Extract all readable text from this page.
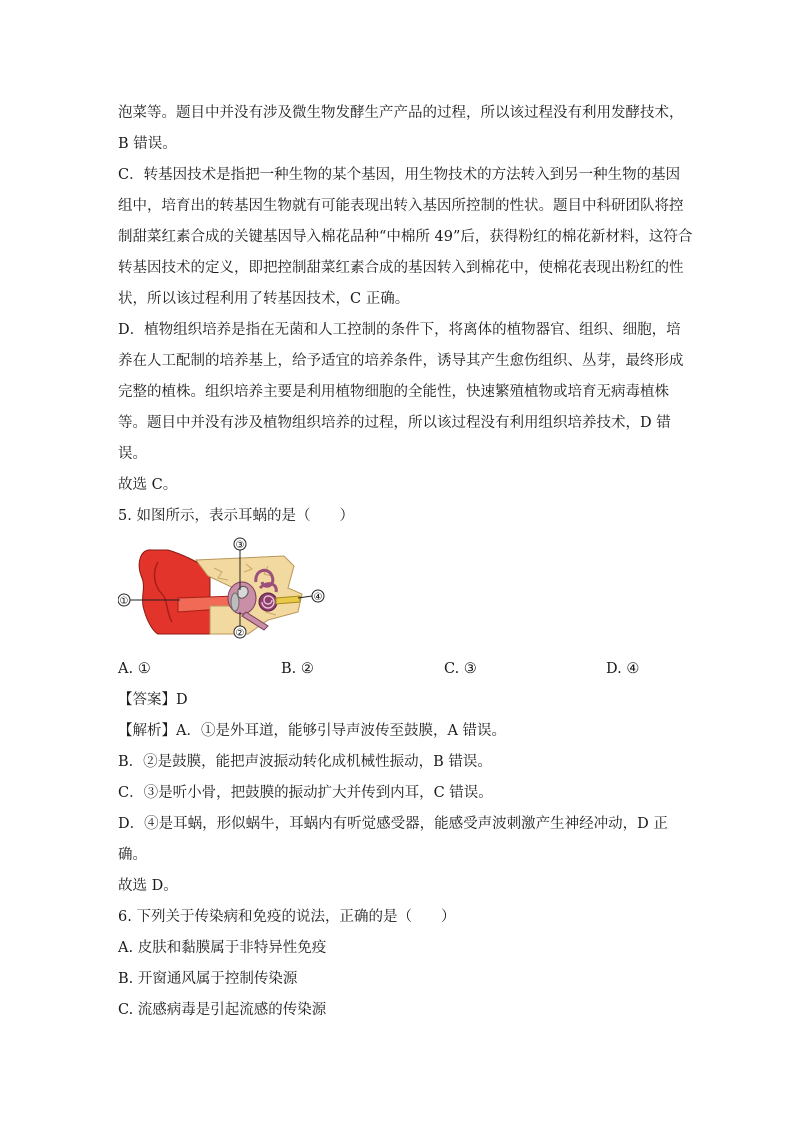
泡菜等。题目中并没有涉及微生物发酵生产产品的过程，所以该过程没有利用发酵技术，
B 错误。
C．转基因技术是指把一种生物的某个基因，用生物技术的方法转入到另一种生物的基因
组中，培育出的转基因生物就有可能表现出转入基因所控制的性状。题目中科研团队将控
制甜菜红素合成的关键基因导入棉花品种“中棉所 49”后，获得粉红的棉花新材料，这符合
转基因技术的定义，即把控制甜菜红素合成的基因转入到棉花中，使棉花表现出粉红的性
状，所以该过程利用了转基因技术，C 正确。
D．植物组织培养是指在无菌和人工控制的条件下，将离体的植物器官、组织、细胞，培
养在人工配制的培养基上，给予适宜的培养条件，诱导其产生愈伤组织、丛芽，最终形成
完整的植株。组织培养主要是利用植物细胞的全能性，快速繁殖植物或培育无病毒植株
等。题目中并没有涉及植物组织培养的过程，所以该过程没有利用组织培养技术，D 错
误。
故选 C。
5. 如图所示，表示耳蜗的是（　　）
①
③
②
④
A. ①	B. ②	C. ③	D. ④
【答案】D
【解析】A．①是外耳道，能够引导声波传至鼓膜，A 错误。
B．②是鼓膜，能把声波振动转化成机械性振动，B 错误。
C．③是听小骨，把鼓膜的振动扩大并传到内耳，C 错误。
D．④是耳蜗，形似蜗牛，耳蜗内有听觉感受器，能感受声波刺激产生神经冲动，D 正
确。
故选 D。
6. 下列关于传染病和免疫的说法，正确的是（　　）
A. 皮肤和黏膜属于非特异性免疫
B. 开窗通风属于控制传染源
C. 流感病毒是引起流感的传染源
